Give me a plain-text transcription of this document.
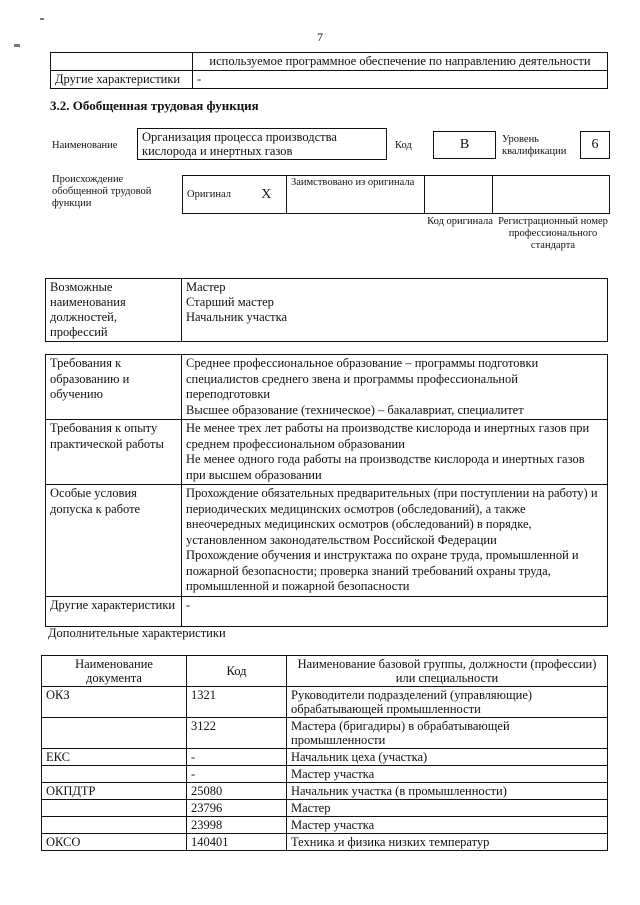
7
	используемое программное обеспечение по направлению деятельности
Другие характеристики	-
3.2. Обобщенная трудовая функция
Наименование
Организация процесса производства кислорода и инертных газов	Код	B	Уровень квалификации	6
Происхождение обобщенной трудовой функции
Оригинал	X	Заимствовано из оригинала		
Код оригинала Регистрационный номер профессионального стандарта
Возможные наименования должностей, профессий	
Мастер
Старший мастер
Начальник участка
Требования к образованию и обучению	Среднее профессиональное образование – программы подготовки специалистов среднего звена и программы профессиональной переподготовки
Высшее образование (техническое) – бакалавриат, специалитет
Требования к опыту практической работы	Не менее трех лет работы на производстве кислорода и инертных газов при среднем профессиональном образовании
Не менее одного года работы на производстве кислорода и инертных газов при высшем образовании
Особые условия допуска к работе	Прохождение обязательных предварительных (при поступлении на работу) и периодических медицинских осмотров (обследований), а также внеочередных медицинских осмотров (обследований) в порядке, установленном законодательством Российской Федерации
Прохождение обучения и инструктажа по охране труда, промышленной и пожарной безопасности; проверка знаний требований охраны труда, промышленной и пожарной безопасности
Другие характеристики	-
Дополнительные характеристики
Наименование документа	Код	Наименование базовой группы, должности (профессии) или специальности
ОКЗ	1321	Руководители подразделений (управляющие) обрабатывающей промышленности
	3122	Мастера (бригадиры) в обрабатывающей промышленности
ЕКС	-	Начальник цеха (участка)
	-	Мастер участка
ОКПДТР	25080	Начальник участка (в промышленности)
	23796	Мастер
	23998	Мастер участка
ОКСО	140401	Техника и физика низких температур
